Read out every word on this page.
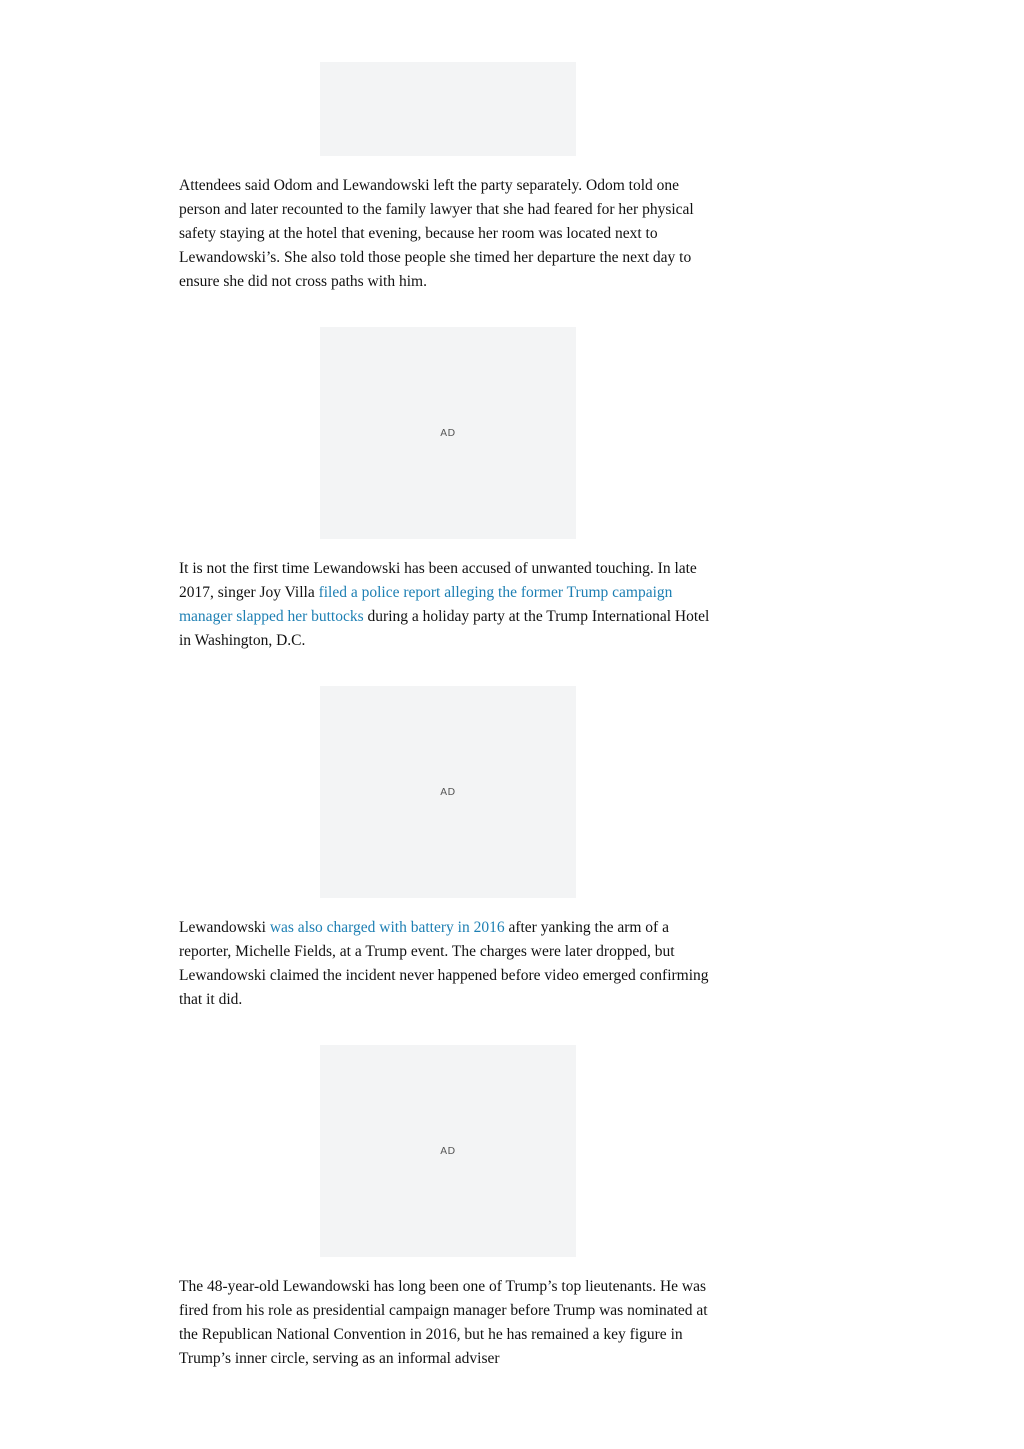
Attendees said Odom and Lewandowski left the party separately. Odom told one person and later recounted to the family lawyer that she had feared for her physical safety staying at the hotel that evening, because her room was located next to Lewandowski’s. She also told those people she timed her departure the next day to ensure she did not cross paths with him.

AD

It is not the first time Lewandowski has been accused of unwanted touching. In late 2017, singer Joy Villa filed a police report alleging the former Trump campaign manager slapped her buttocks during a holiday party at the Trump International Hotel in Washington, D.C.

AD

Lewandowski was also charged with battery in 2016 after yanking the arm of a reporter, Michelle Fields, at a Trump event. The charges were later dropped, but Lewandowski claimed the incident never happened before video emerged confirming that it did.

AD

The 48-year-old Lewandowski has long been one of Trump’s top lieutenants. He was fired from his role as presidential campaign manager before Trump was nominated at the Republican National Convention in 2016, but he has remained a key figure in Trump’s inner circle, serving as an informal adviser
